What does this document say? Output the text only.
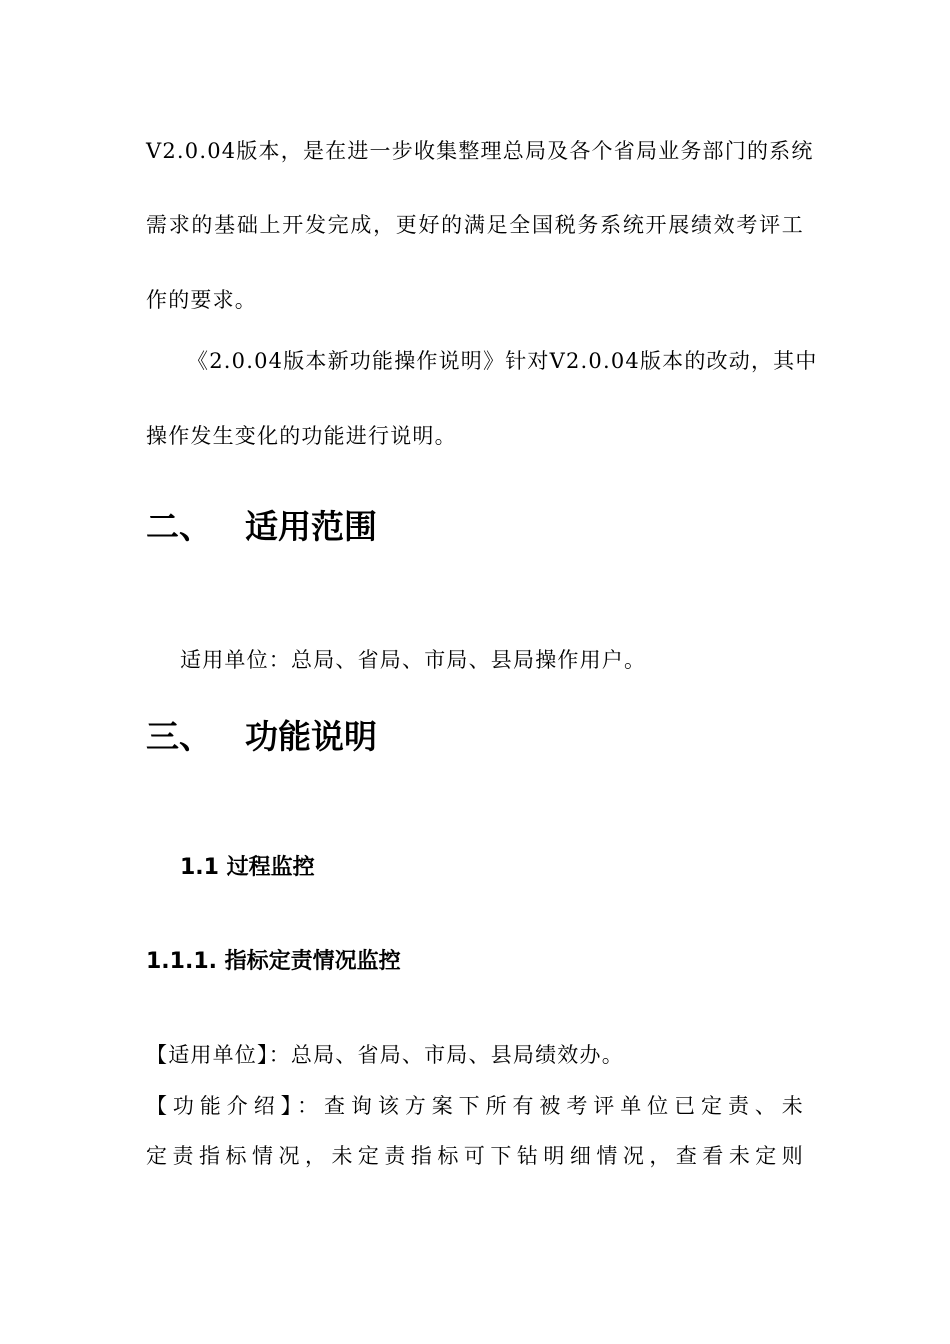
V2.0.04版本，是在进一步收集整理总局及各个省局业务部门的系统
需求的基础上开发完成，更好的满足全国税务系统开展绩效考评工
作的要求。
《2.0.04版本新功能操作说明》针对V2.0.04版本的改动，其中
操作发生变化的功能进行说明。
二、 适用范围
适用单位：总局、省局、市局、县局操作用户。
三、 功能说明
1.1 过程监控
1.1.1. 指标定责情况监控
【适用单位】：总局、省局、市局、县局绩效办。
【功能介绍】：查询该方案下所有被考评单位已定责、未
定责指标情况，未定责指标可下钻明细情况，查看未定则
